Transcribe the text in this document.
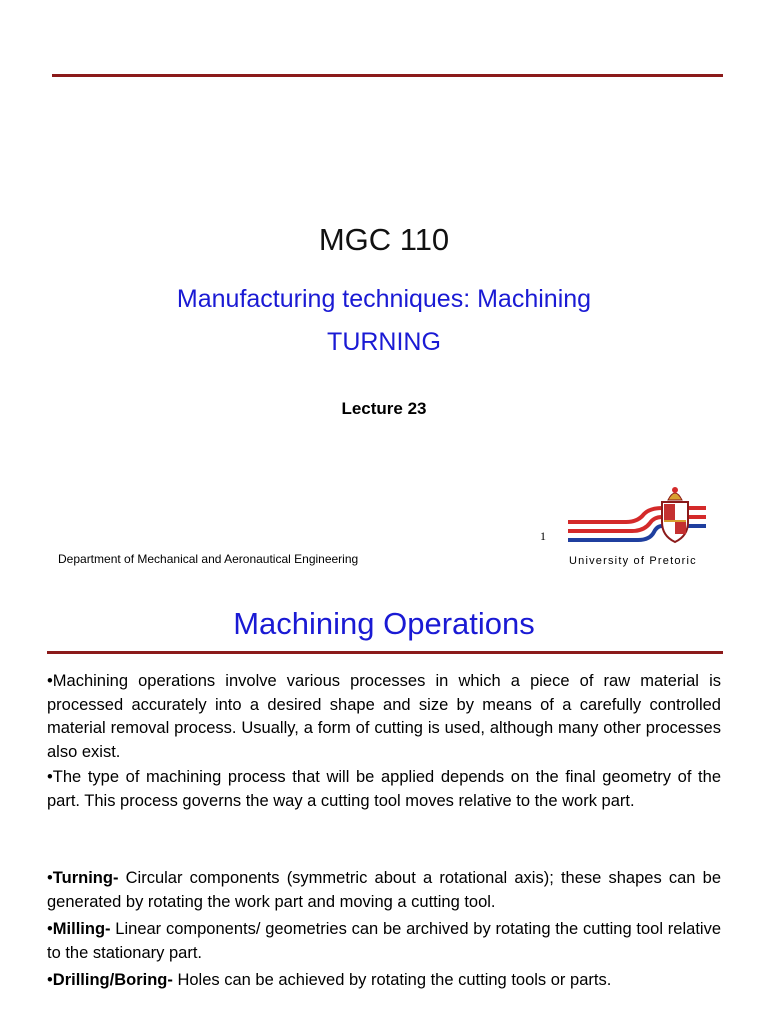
MGC 110
Manufacturing techniques: Machining
TURNING
Lecture 23
1
Department of Mechanical and Aeronautical Engineering	University of Pretoric
Machining Operations
•Machining operations involve various processes in which a piece of raw material is processed accurately into a desired shape and size by means of a carefully controlled material removal process. Usually, a form of cutting is used, although many other processes also exist.
•The type of machining process that will be applied depends on the final geometry of the part. This process governs the way a cutting tool moves relative to the work part.
•Turning- Circular components (symmetric about a rotational axis); these shapes can be generated by rotating the work part and moving a cutting tool.
•Milling- Linear components/ geometries can be archived by rotating the cutting tool relative to the stationary part.
•Drilling/Boring- Holes can be achieved by rotating the cutting tools or parts.
